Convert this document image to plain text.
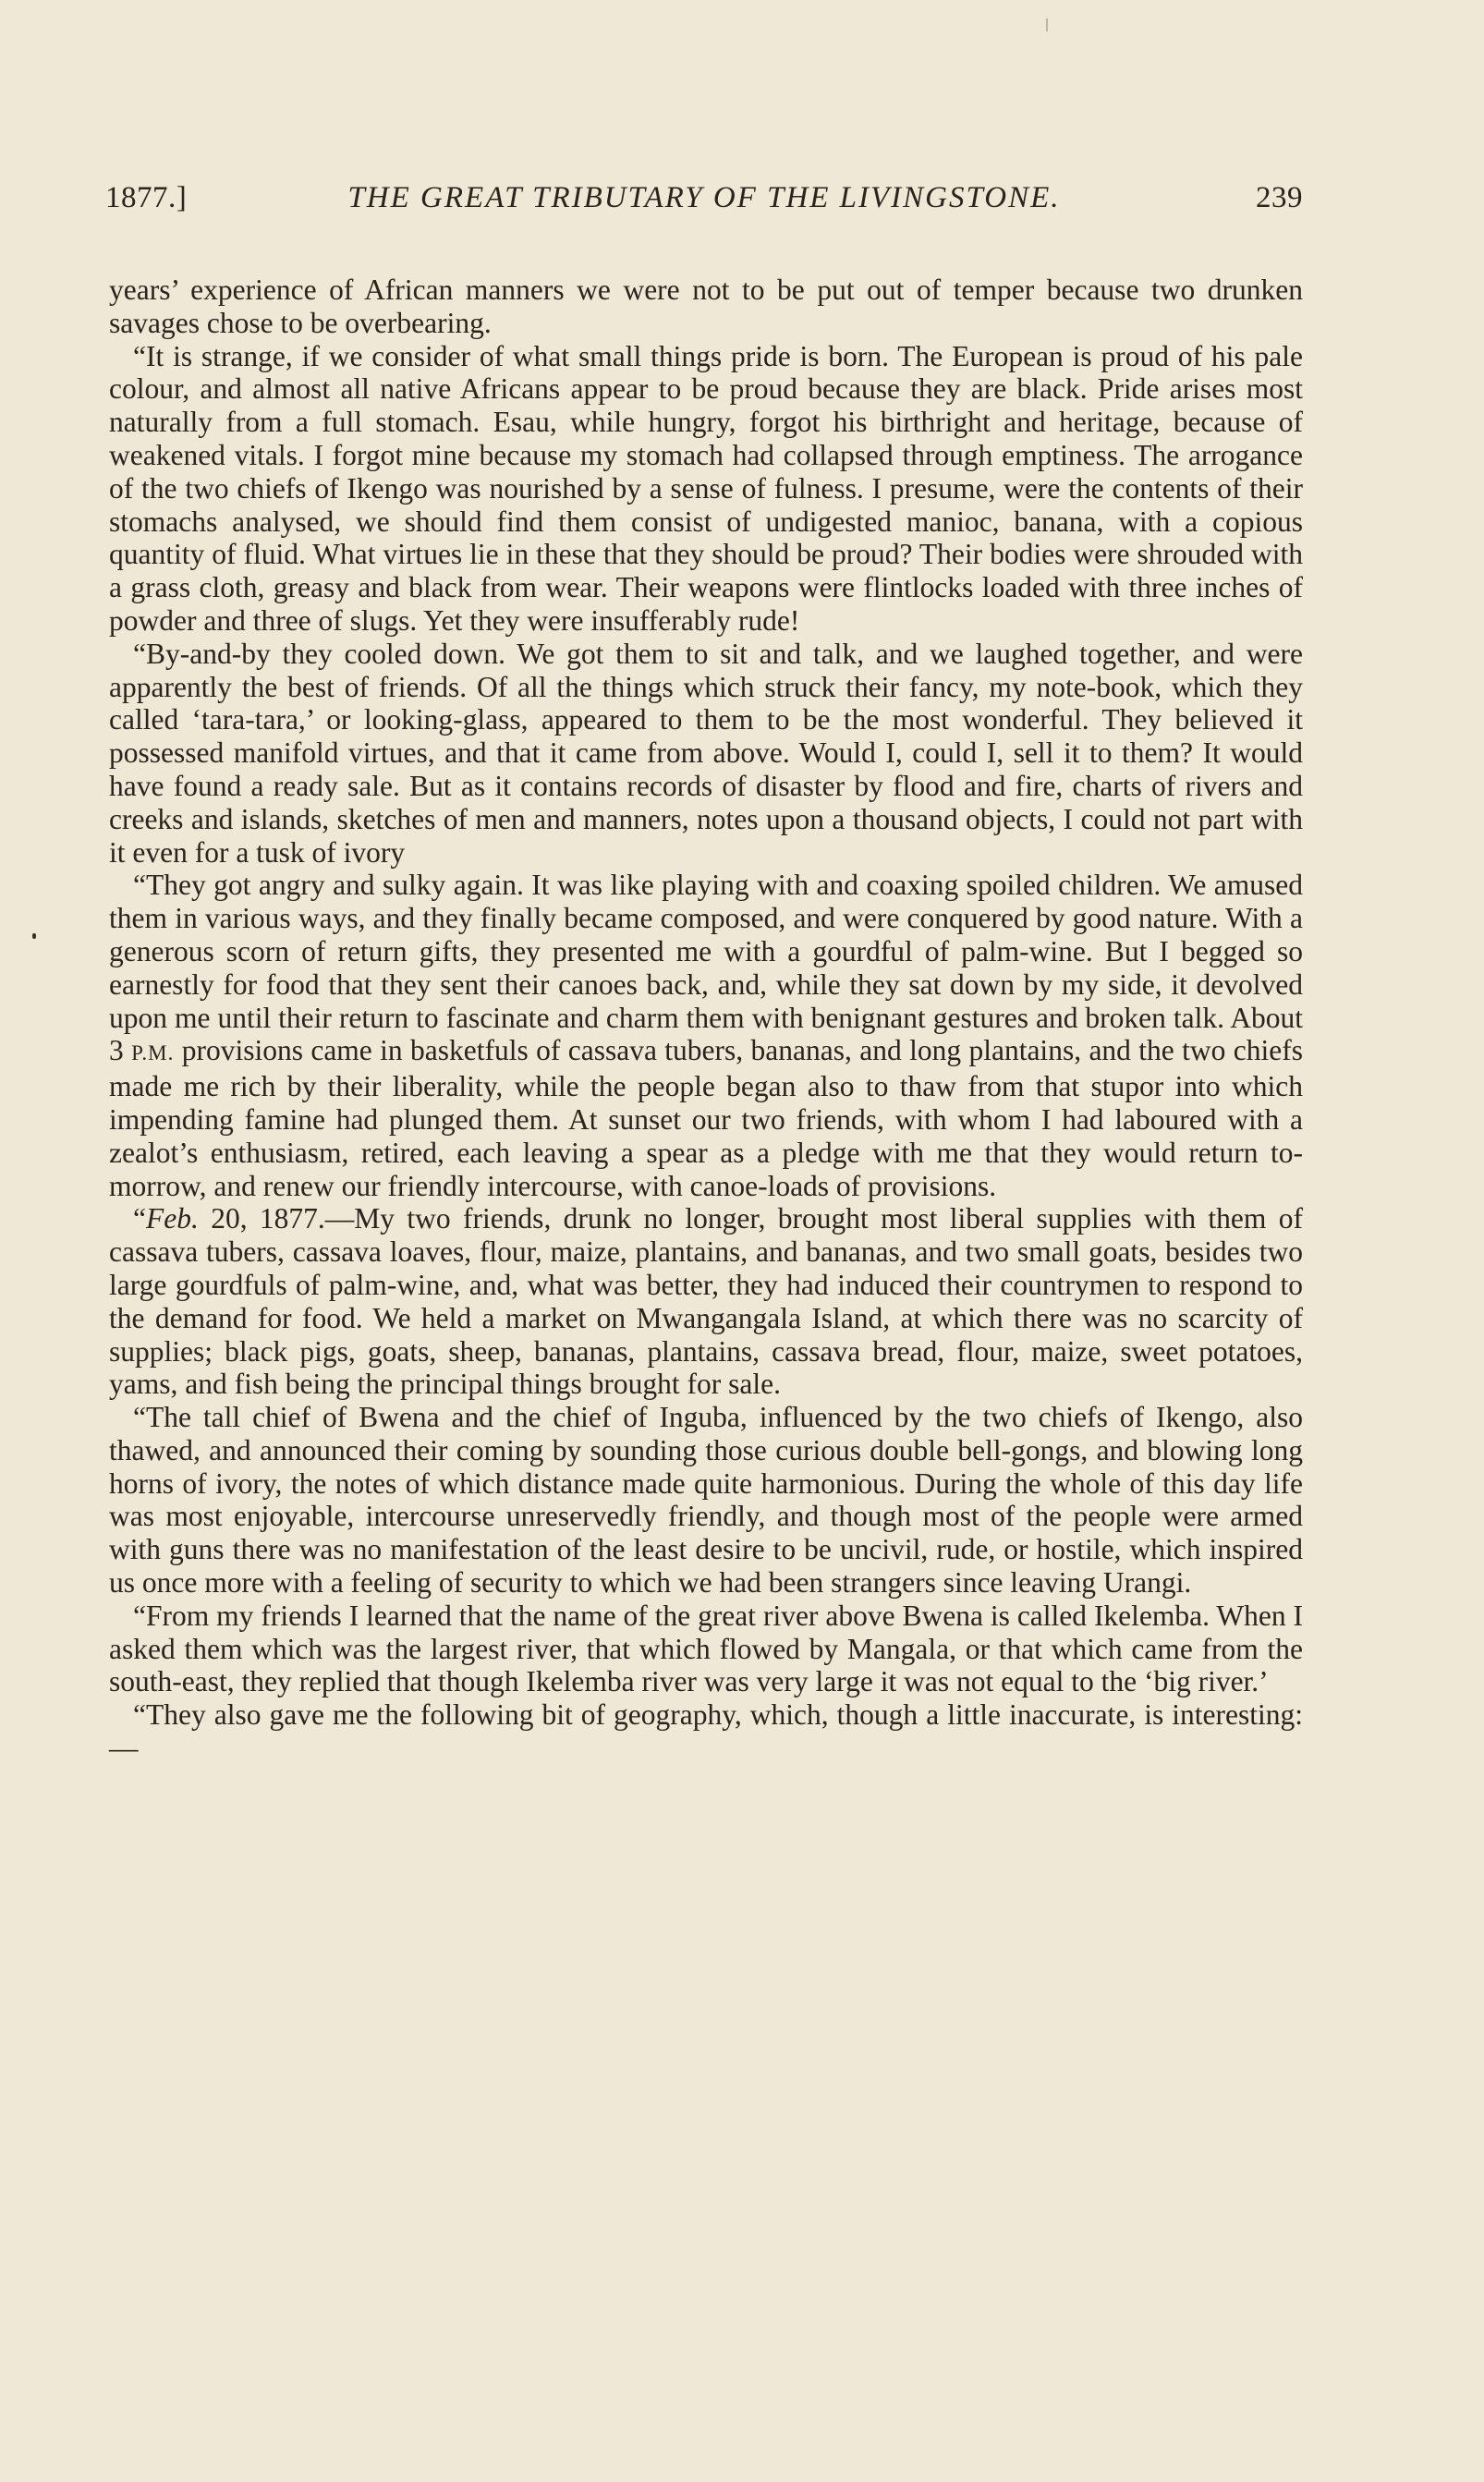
1877.]	THE GREAT TRIBUTARY OF THE LIVINGSTONE.	239

years’ experience of African manners we were not to be put out of temper because two drunken savages chose to be overbearing.

“It is strange, if we consider of what small things pride is born. The European is proud of his pale colour, and almost all native Africans appear to be proud because they are black. Pride arises most naturally from a full stomach. Esau, while hungry, forgot his birthright and heritage, because of weakened vitals. I forgot mine because my stomach had collapsed through emptiness. The arrogance of the two chiefs of Ikengo was nourished by a sense of fulness. I presume, were the contents of their stomachs analysed, we should find them consist of undigested manioc, banana, with a copious quantity of fluid. What virtues lie in these that they should be proud? Their bodies were shrouded with a grass cloth, greasy and black from wear. Their weapons were flintlocks loaded with three inches of powder and three of slugs. Yet they were insufferably rude!

“By-and-by they cooled down. We got them to sit and talk, and we laughed together, and were apparently the best of friends. Of all the things which struck their fancy, my note-book, which they called ‘tara-tara,’ or looking-glass, appeared to them to be the most wonderful. They believed it possessed manifold virtues, and that it came from above. Would I, could I, sell it to them? It would have found a ready sale. But as it contains records of disaster by flood and fire, charts of rivers and creeks and islands, sketches of men and manners, notes upon a thousand objects, I could not part with it even for a tusk of ivory

“They got angry and sulky again. It was like playing with and coaxing spoiled children. We amused them in various ways, and they finally became composed, and were conquered by good nature. With a generous scorn of return gifts, they presented me with a gourdful of palm-wine. But I begged so earnestly for food that they sent their canoes back, and, while they sat down by my side, it devolved upon me until their return to fascinate and charm them with benignant gestures and broken talk. About 3 P.M. provisions came in basketfuls of cassava tubers, bananas, and long plantains, and the two chiefs made me rich by their liberality, while the people began also to thaw from that stupor into which impending famine had plunged them. At sunset our two friends, with whom I had laboured with a zealot’s enthusiasm, retired, each leaving a spear as a pledge with me that they would return to-morrow, and renew our friendly intercourse, with canoe-loads of provisions.

“Feb. 20, 1877.—My two friends, drunk no longer, brought most liberal supplies with them of cassava tubers, cassava loaves, flour, maize, plantains, and bananas, and two small goats, besides two large gourdfuls of palm-wine, and, what was better, they had induced their countrymen to respond to the demand for food. We held a market on Mwangangala Island, at which there was no scarcity of supplies; black pigs, goats, sheep, bananas, plantains, cassava bread, flour, maize, sweet potatoes, yams, and fish being the principal things brought for sale.

“The tall chief of Bwena and the chief of Inguba, influenced by the two chiefs of Ikengo, also thawed, and announced their coming by sounding those curious double bell-gongs, and blowing long horns of ivory, the notes of which distance made quite harmonious. During the whole of this day life was most enjoyable, intercourse unreservedly friendly, and though most of the people were armed with guns there was no manifestation of the least desire to be uncivil, rude, or hostile, which inspired us once more with a feeling of security to which we had been strangers since leaving Urangi.

“From my friends I learned that the name of the great river above Bwena is called Ikelemba. When I asked them which was the largest river, that which flowed by Mangala, or that which came from the south-east, they replied that though Ikelemba river was very large it was not equal to the ‘big river.’

“They also gave me the following bit of geography, which, though a little inaccurate, is interesting:—
